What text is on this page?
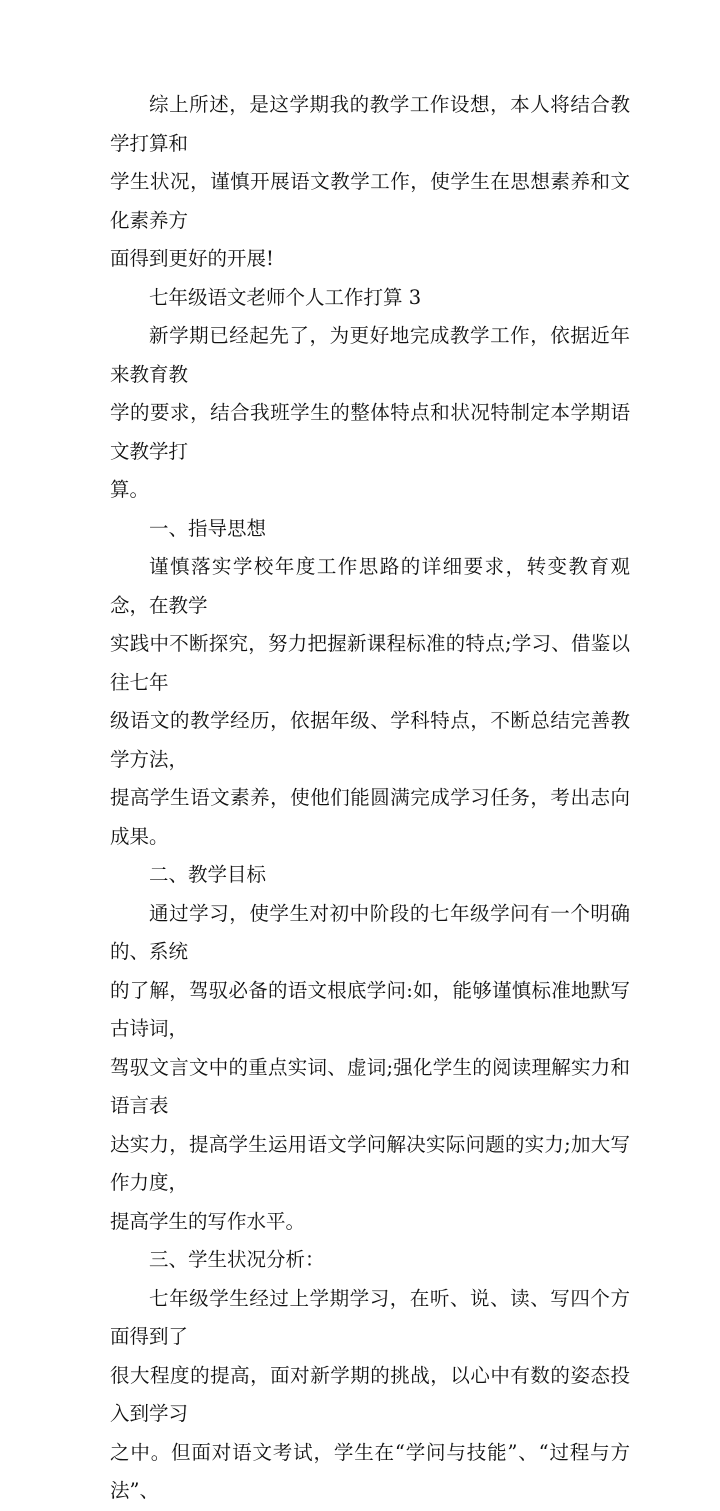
综上所述，是这学期我的教学工作设想，本人将结合教学打算和
学生状况，谨慎开展语文教学工作，使学生在思想素养和文化素养方
面得到更好的开展!

七年级语文老师个人工作打算 3

新学期已经起先了，为更好地完成教学工作，依据近年来教育教
学的要求，结合我班学生的整体特点和状况特制定本学期语文教学打
算。

一、指导思想

谨慎落实学校年度工作思路的详细要求，转变教育观念，在教学
实践中不断探究，努力把握新课程标准的特点;学习、借鉴以往七年
级语文的教学经历，依据年级、学科特点，不断总结完善教学方法，
提高学生语文素养，使他们能圆满完成学习任务，考出志向成果。

二、教学目标

通过学习，使学生对初中阶段的七年级学问有一个明确的、系统
的了解，驾驭必备的语文根底学问:如，能够谨慎标准地默写古诗词，
驾驭文言文中的重点实词、虚词;强化学生的阅读理解实力和语言表
达实力，提高学生运用语文学问解决实际问题的实力;加大写作力度，
提高学生的写作水平。

三、学生状况分析：

七年级学生经过上学期学习，在听、说、读、写四个方面得到了
很大程度的提高，面对新学期的挑战，以心中有数的姿态投入到学习
之中。但面对语文考试，学生在“学问与技能”、“过程与方法”、
